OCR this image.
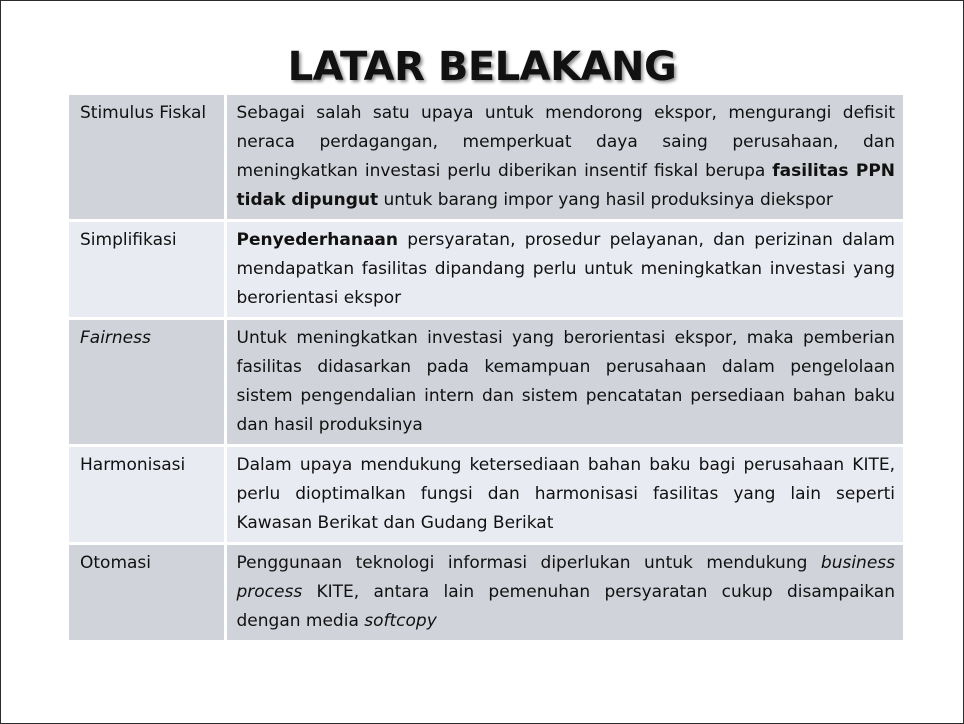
LATAR BELAKANG
Stimulus Fiskal	Sebagai salah satu upaya untuk mendorong ekspor, mengurangi defisit neraca perdagangan, memperkuat daya saing perusahaan, dan meningkatkan investasi perlu diberikan insentif fiskal berupa fasilitas PPN tidak dipungut untuk barang impor yang hasil produksinya diekspor
Simplifikasi	Penyederhanaan persyaratan, prosedur pelayanan, dan perizinan dalam mendapatkan fasilitas dipandang perlu untuk meningkatkan investasi yang berorientasi ekspor
Fairness	Untuk meningkatkan investasi yang berorientasi ekspor, maka pemberian fasilitas didasarkan pada kemampuan perusahaan dalam pengelolaan sistem pengendalian intern dan sistem pencatatan persediaan bahan baku dan hasil produksinya
Harmonisasi	Dalam upaya mendukung ketersediaan bahan baku bagi perusahaan KITE, perlu dioptimalkan fungsi dan harmonisasi fasilitas yang lain seperti Kawasan Berikat dan Gudang Berikat
Otomasi	Penggunaan teknologi informasi diperlukan untuk mendukung business process KITE, antara lain pemenuhan persyaratan cukup disampaikan dengan media softcopy
